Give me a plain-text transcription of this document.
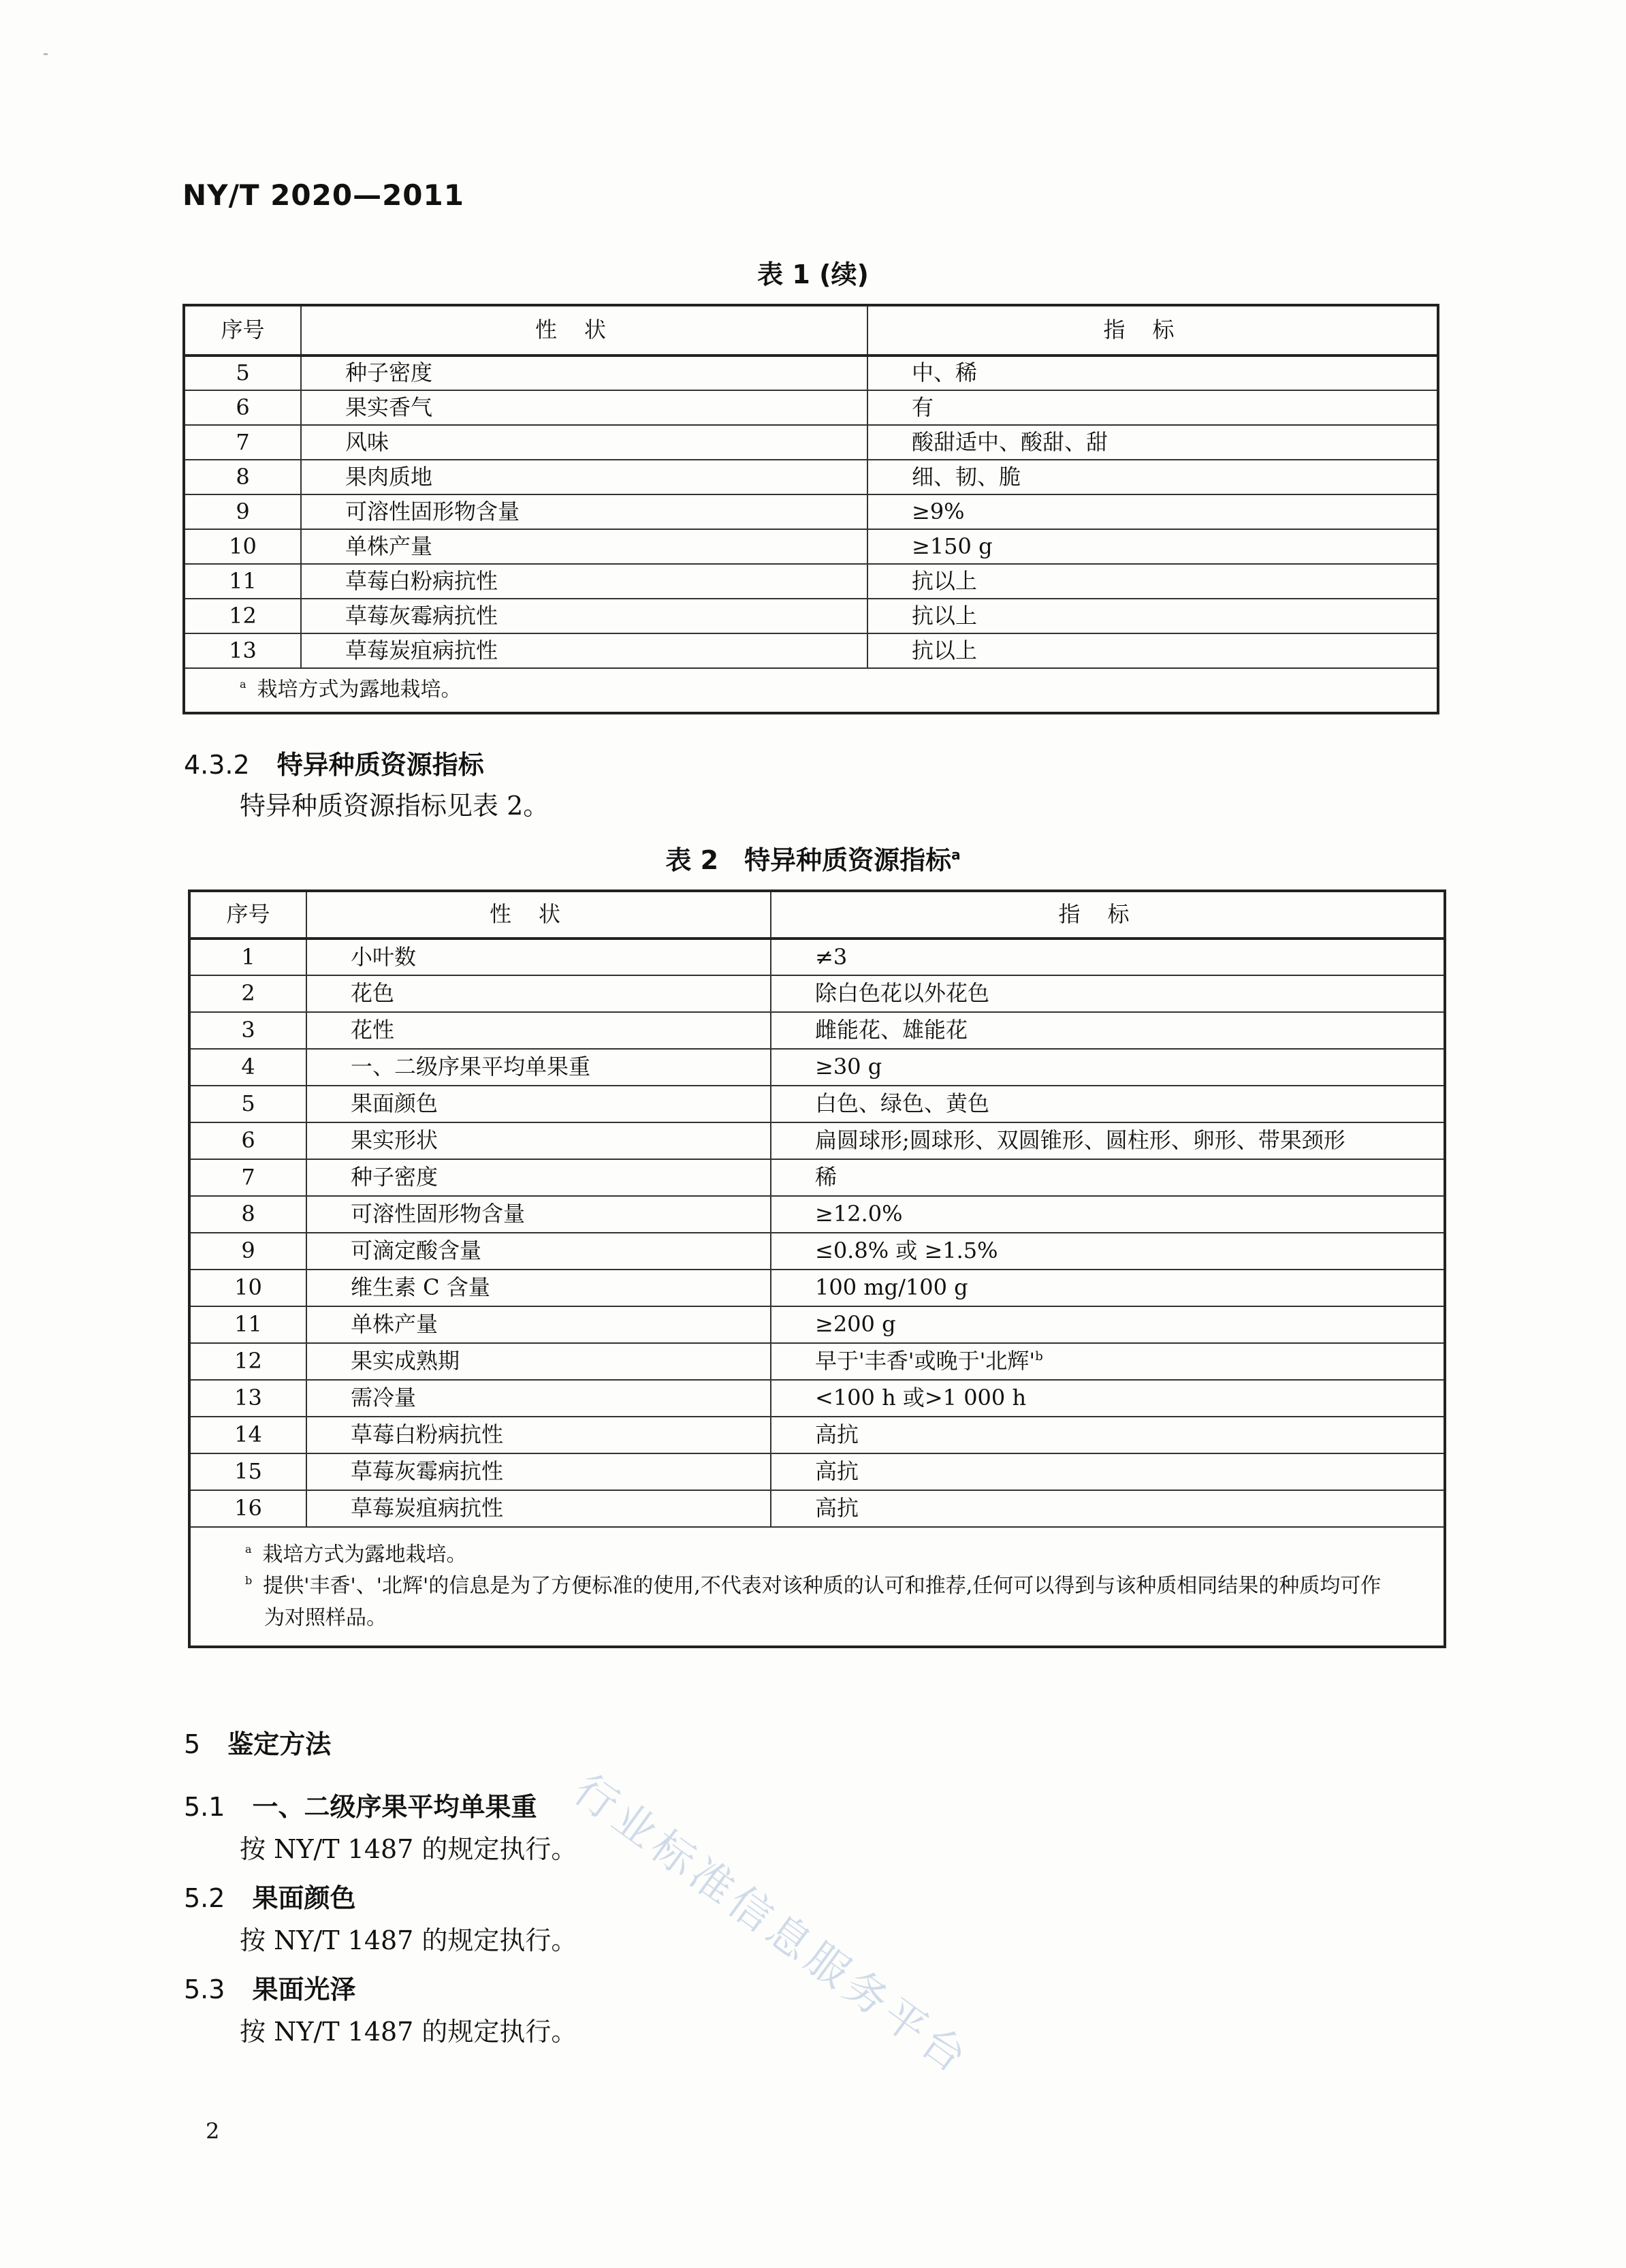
NY/T 2020—2011
表 1 (续)
序号	性状	指标
5	种子密度	中、稀
6	果实香气	有
7	风味	酸甜适中、酸甜、甜
8	果肉质地	细、韧、脆
9	可溶性固形物含量	≥9%
10	单株产量	≥150 g
11	草莓白粉病抗性	抗以上
12	草莓灰霉病抗性	抗以上
13	草莓炭疽病抗性	抗以上

$^a$ 栽培方式为露地栽培。		
4.3.2 特异种质资源指标
特异种质资源指标见表 2。
表 2　特异种质资源指标$^a$
序号	性状	指标
1	小叶数	≠3
2	花色	除白色花以外花色
3	花性	雌能花、雄能花
4	一、二级序果平均单果重	≥30 g
5	果面颜色	白色、绿色、黄色
6	果实形状	扁圆球形;圆球形、双圆锥形、圆柱形、卵形、带果颈形
7	种子密度	稀
8	可溶性固形物含量	≥12.0%
9	可滴定酸含量	≤0.8% 或 ≥1.5%
10	维生素 C 含量	100 mg/100 g
11	单株产量	≥200 g
12	果实成熟期	早于'丰香'或晚于'北辉'$^b$
13	需冷量	<100 h 或>1 000 h
14	草莓白粉病抗性	高抗
15	草莓灰霉病抗性	高抗
16	草莓炭疽病抗性	高抗

$^a$ 栽培方式为露地栽培。
$^b$ 提供'丰香'、'北辉'的信息是为了方便标准的使用,不代表对该种质的认可和推荐,任何可以得到与该种质相同结果的种质均可作为对照样品。		
5 鉴定方法
5.1 一、二级序果平均单果重
按 NY/T 1487 的规定执行。
5.2 果面颜色
按 NY/T 1487 的规定执行。
5.3 果面光泽
按 NY/T 1487 的规定执行。
行业标准信息服务平台
2
